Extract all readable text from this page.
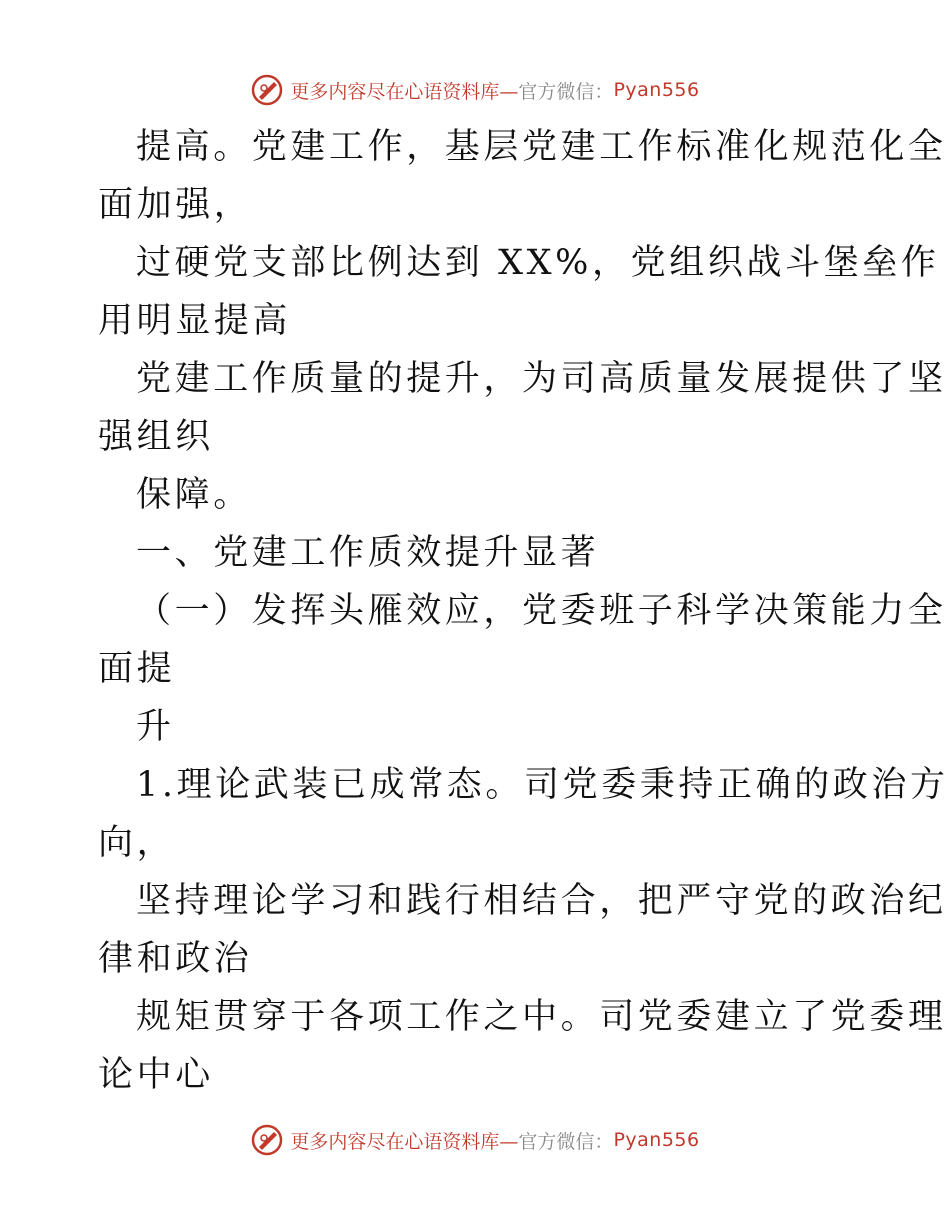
更多内容尽在心语资料库— 官方微信： Pyan556
提高。党建工作，基层党建工作标准化规范化全
面加强，
过硬党支部比例达到 XX%，党组织战斗堡垒作
用明显提高
党建工作质量的提升，为司高质量发展提供了坚
强组织
保障。
一、党建工作质效提升显著
（一）发挥头雁效应，党委班子科学决策能力全
面提
升
1.理论武装已成常态。司党委秉持正确的政治方
向，
坚持理论学习和践行相结合，把严守党的政治纪
律和政治
规矩贯穿于各项工作之中。司党委建立了党委理
论中心
更多内容尽在心语资料库— 官方微信： Pyan556
